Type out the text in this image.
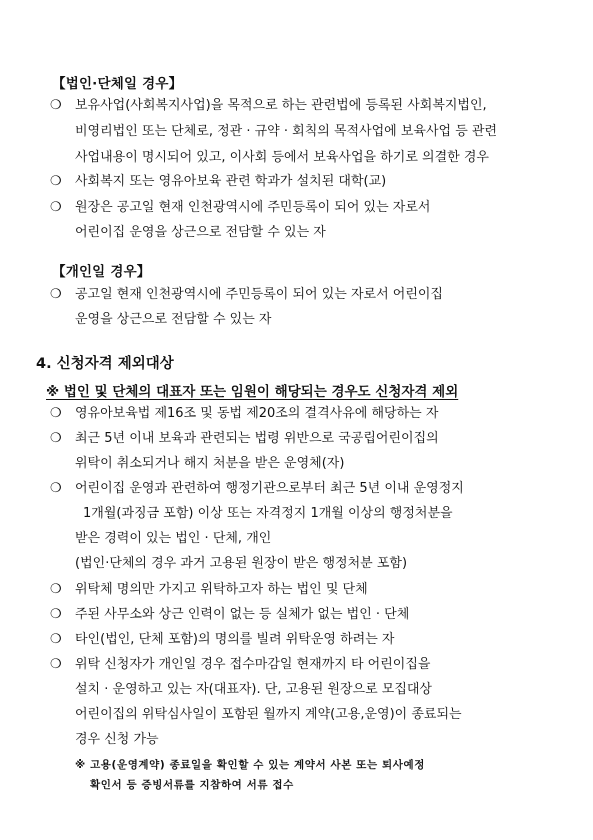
【법인·단체일 경우】
❍ 보유사업(사회복지사업)을 목적으로 하는 관련법에 등록된 사회복지법인,
비영리법인 또는 단체로, 정관 · 규약 · 회칙의 목적사업에 보육사업 등 관련
사업내용이 명시되어 있고, 이사회 등에서 보육사업을 하기로 의결한 경우
❍ 사회복지 또는 영유아보육 관련 학과가 설치된 대학(교)
❍ 원장은 공고일 현재 인천광역시에 주민등록이 되어 있는 자로서
어린이집 운영을 상근으로 전담할 수 있는 자
【개인일 경우】
❍ 공고일 현재 인천광역시에 주민등록이 되어 있는 자로서 어린이집
운영을 상근으로 전담할 수 있는 자
4. 신청자격 제외대상
※ 법인 및 단체의 대표자 또는 임원이 해당되는 경우도 신청자격 제외
❍ 영유아보육법 제16조 및 동법 제20조의 결격사유에 해당하는 자
❍ 최근 5년 이내 보육과 관련되는 법령 위반으로 국공립어린이집의
위탁이 취소되거나 해지 처분을 받은 운영체(자)
❍ 어린이집 운영과 관련하여 행정기관으로부터 최근 5년 이내 운영정지
1개월(과징금 포함) 이상 또는 자격정지 1개월 이상의 행정처분을
받은 경력이 있는 법인 · 단체, 개인
(법인·단체의 경우 과거 고용된 원장이 받은 행정처분 포함)
❍ 위탁체 명의만 가지고 위탁하고자 하는 법인 및 단체
❍ 주된 사무소와 상근 인력이 없는 등 실체가 없는 법인 · 단체
❍ 타인(법인, 단체 포함)의 명의를 빌려 위탁운영 하려는 자
❍ 위탁 신청자가 개인일 경우 접수마감일 현재까지 타 어린이집을
설치 · 운영하고 있는 자(대표자). 단, 고용된 원장으로 모집대상
어린이집의 위탁심사일이 포함된 월까지 계약(고용,운영)이 종료되는
경우 신청 가능
※ 고용(운영계약) 종료일을 확인할 수 있는 계약서 사본 또는 퇴사예정
확인서 등 증빙서류를 지참하여 서류 접수
